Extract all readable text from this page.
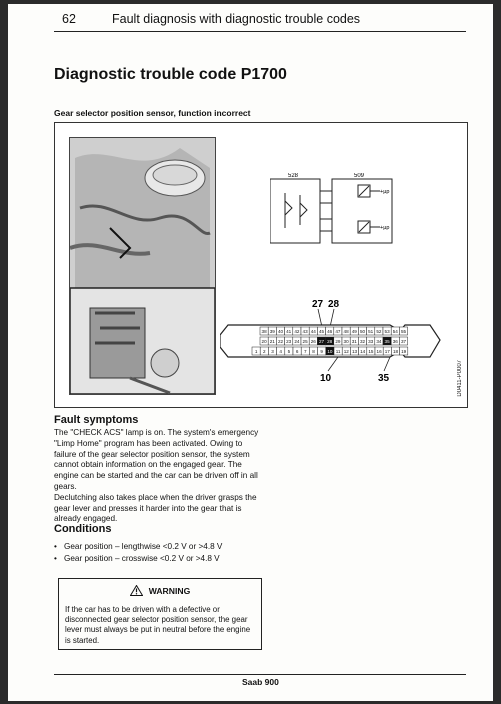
62	Fault diagnosis with diagnostic trouble codes
Diagnostic trouble code P1700
Gear selector position sensor, function incorrect
528	509
+µp
+µp
27 28
38 39 40 41 42 43 44 45 46 47 48 49 50 51 52 53 54 55
20 21 22 23 24 25 26 27 28 29 30 31 32 33 34 35 36 37
1 2 3 4 5 6 7 8 9 10 11 12 13 14 15 16 17 18 19
10	35	D0411-P0007
Fault symptoms

The "CHECK ACS" lamp is on. The system's emergency "Limp Home" program has been activated. Owing to failure of the gear selector position sensor, the system cannot obtain information on the engaged gear. The engine can be started and the car can be driven off in all gears.

Declutching also takes place when the driver grasps the gear lever and presses it harder into the gear that is already engaged.

Conditions
• Gear position – lengthwise <0.2 V or >4.8 V
• Gear position – crosswise <0.2 V or >4.8 V
WARNING
If the car has to be driven with a defective or disconnected gear selector position sensor, the gear lever must always be put in neutral before the engine is started.
Saab 900
